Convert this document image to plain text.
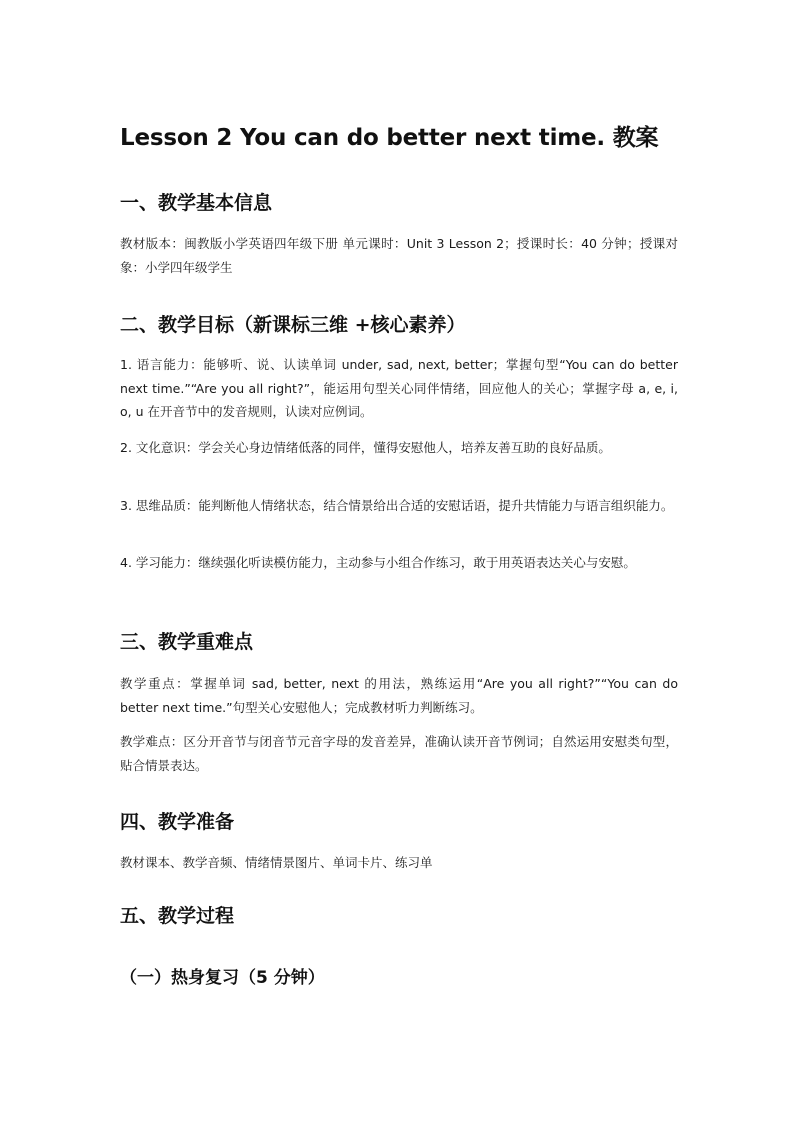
Lesson 2 You can do better next time. 教案
一、教学基本信息
教材版本：闽教版小学英语四年级下册 单元课时：Unit 3 Lesson 2；授课时长：40 分钟；授课对象：小学四年级学生
二、教学目标（新课标三维 +核心素养）
1. 语言能力：能够听、说、认读单词 under, sad, next, better；掌握句型“You can do better next time.”“Are you all right?”，能运用句型关心同伴情绪，回应他人的关心；掌握字母 a, e, i, o, u 在开音节中的发音规则，认读对应例词。
2. 文化意识：学会关心身边情绪低落的同伴，懂得安慰他人，培养友善互助的良好品质。
3. 思维品质：能判断他人情绪状态，结合情景给出合适的安慰话语，提升共情能力与语言组织能力。
4. 学习能力：继续强化听读模仿能力，主动参与小组合作练习，敢于用英语表达关心与安慰。
三、教学重难点
教学重点：掌握单词 sad, better, next 的用法，熟练运用“Are you all right?”“You can do better next time.”句型关心安慰他人；完成教材听力判断练习。
教学难点：区分开音节与闭音节元音字母的发音差异，准确认读开音节例词；自然运用安慰类句型，贴合情景表达。
四、教学准备
教材课本、教学音频、情绪情景图片、单词卡片、练习单
五、教学过程
（一）热身复习（5 分钟）
